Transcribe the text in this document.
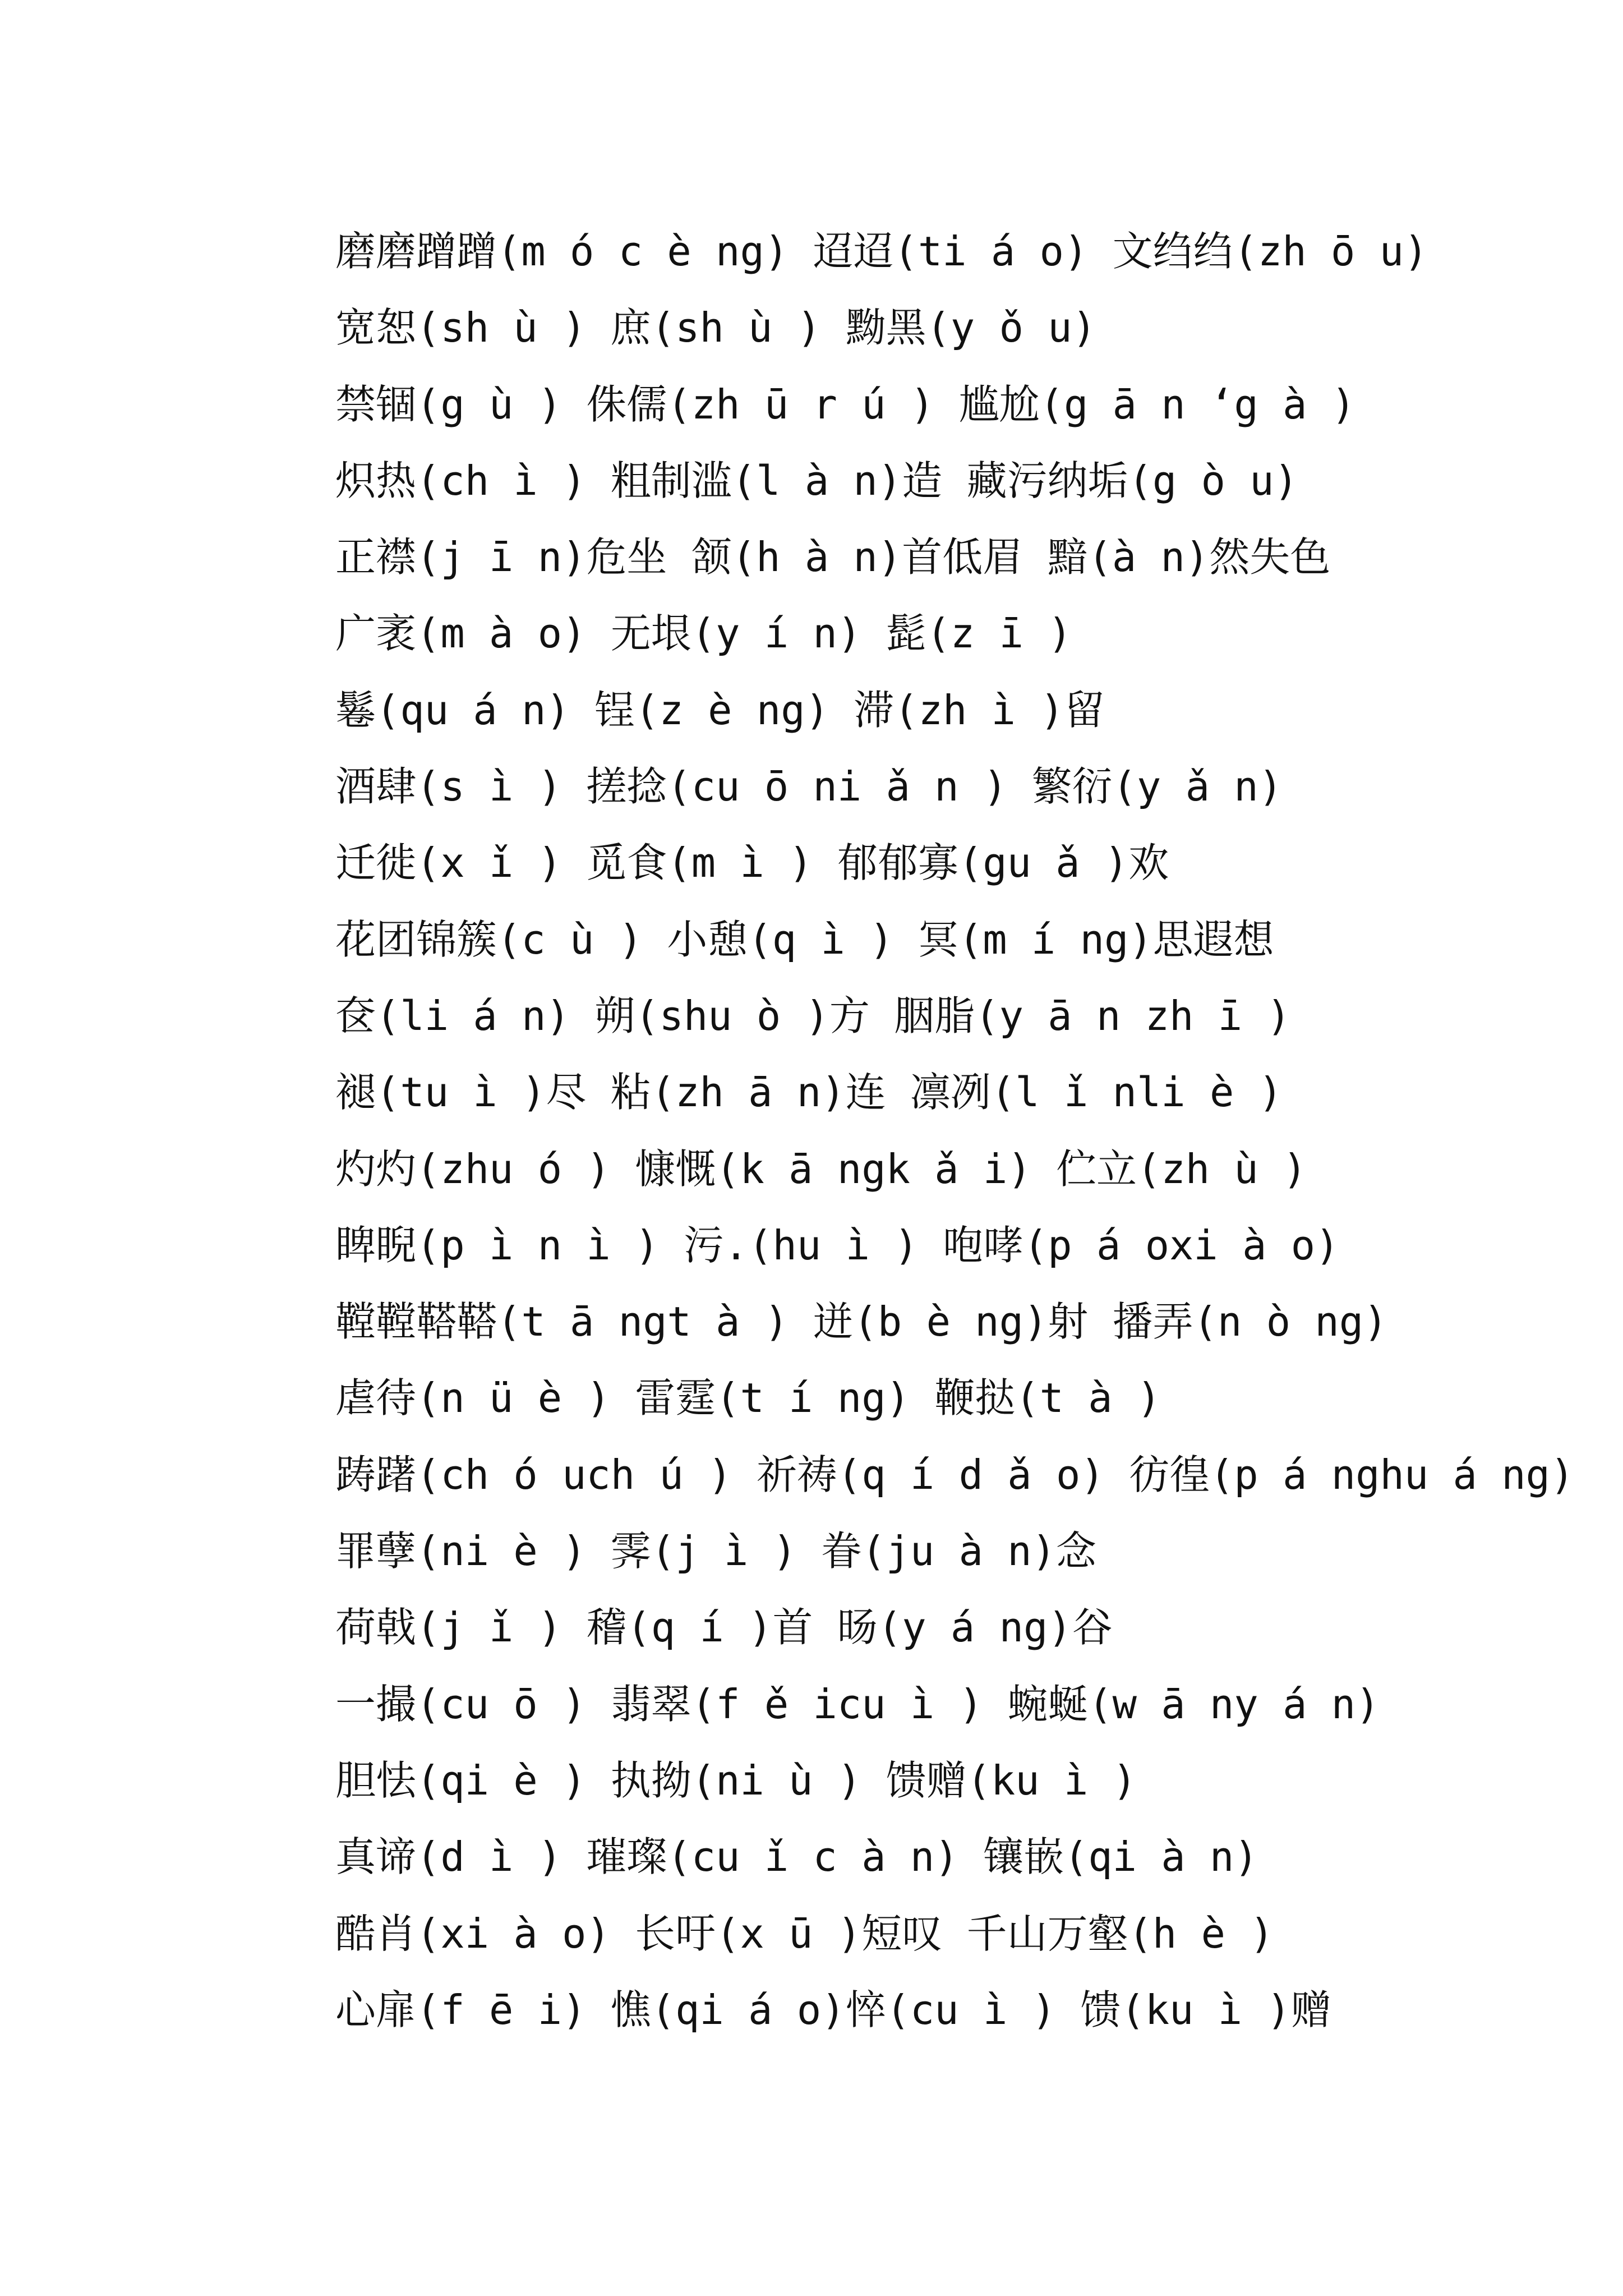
磨磨蹭蹭(m ó c è ng) 迢迢(ti á o) 文绉绉(zh ō u)
宽恕(sh ù ) 庶(sh ù ) 黝黑(y ǒ u)
禁锢(g ù ) 侏儒(zh ū r ú ) 尴尬(g ā n ‘g à )
炽热(ch ì ) 粗制滥(l à n)造 藏污纳垢(g ò u)
正襟(j ī n)危坐 颔(h à n)首低眉 黯(à n)然失色
广袤(m à o) 无垠(y í n) 髭(z ī )
鬈(qu á n) 锃(z è ng) 滞(zh ì )留
酒肆(s ì ) 搓捻(cu ō ni ǎ n ) 繁衍(y ǎ n)
迁徙(x ǐ ) 觅食(m ì ) 郁郁寡(gu ǎ )欢
花团锦簇(c ù ) 小憩(q ì ) 冥(m í ng)思遐想
奁(li á n) 朔(shu ò )方 胭脂(y ā n zh ī )
褪(tu ì )尽 粘(zh ā n)连 凛冽(l ǐ nli è )
灼灼(zhu ó ) 慷慨(k ā ngk ǎ i) 伫立(zh ù )
睥睨(p ì n ì ) 污.(hu ì ) 咆哮(p á oxi à o)
鞺鞺鞳鞳(t ā ngt à ) 迸(b è ng)射 播弄(n ò ng)
虐待(n ü è ) 雷霆(t í ng) 鞭挞(t à )
踌躇(ch ó uch ú ) 祈祷(q í d ǎ o) 彷徨(p á nghu á ng)
罪孽(ni è ) 霁(j ì ) 眷(ju à n)念
荷戟(j ǐ ) 稽(q í )首 旸(y á ng)谷
一撮(cu ō ) 翡翠(f ě icu ì ) 蜿蜒(w ā ny á n)
胆怯(qi è ) 执拗(ni ù ) 馈赠(ku ì )
真谛(d ì ) 璀璨(cu ǐ c à n) 镶嵌(qi à n)
酷肖(xi à o) 长吁(x ū )短叹 千山万壑(h è )
心扉(f ē i) 憔(qi á o)悴(cu ì ) 馈(ku ì )赠
